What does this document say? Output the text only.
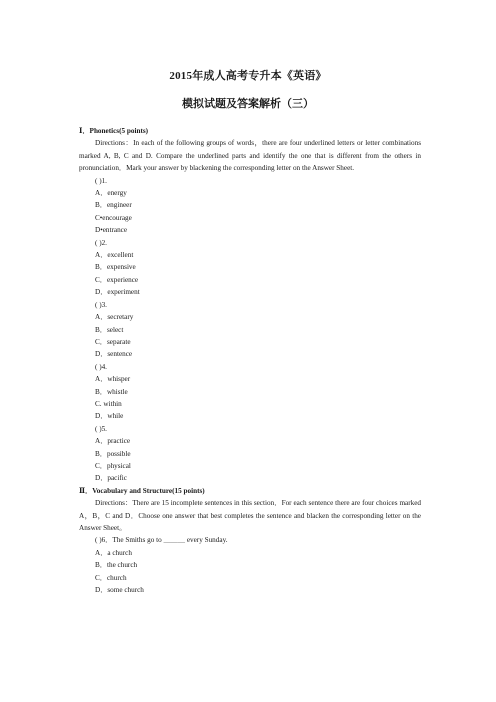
2015年成人高考专升本《英语》
模拟试题及答案解析（三）
Ⅰ．Phonetics(5 points)
Directions：In each of the following groups of words，there are four underlined letters or letter combinations marked A, B, C and D. Compare the underlined parts and identify the one that is different from the others in pronunciation．Mark your answer by blackening the corresponding letter on the Answer Sheet.
( )1.
A．energy
B．engineer
C•encourage
D•entrance
( )2.
A．excellent
B．expensive
C．experience
D．experiment
( )3.
A．secretary
B．select
C．separate
D．sentence
( )4.
A．whisper
B．whistle
C. within
D．while
( )5.
A．practice
B．possible
C．physical
D．pacific
Ⅱ．Vocabulary and Structure(15 points)
Directions：There are 15 incomplete sentences in this section．For each sentence there are four choices marked A，B，C and D．Choose one answer that best completes the sentence and blacken the corresponding letter on the Answer Sheet。
( )6．The Smiths go to ＿＿＿ every Sunday.
A．a church
B．the church
C．church
D．some church
